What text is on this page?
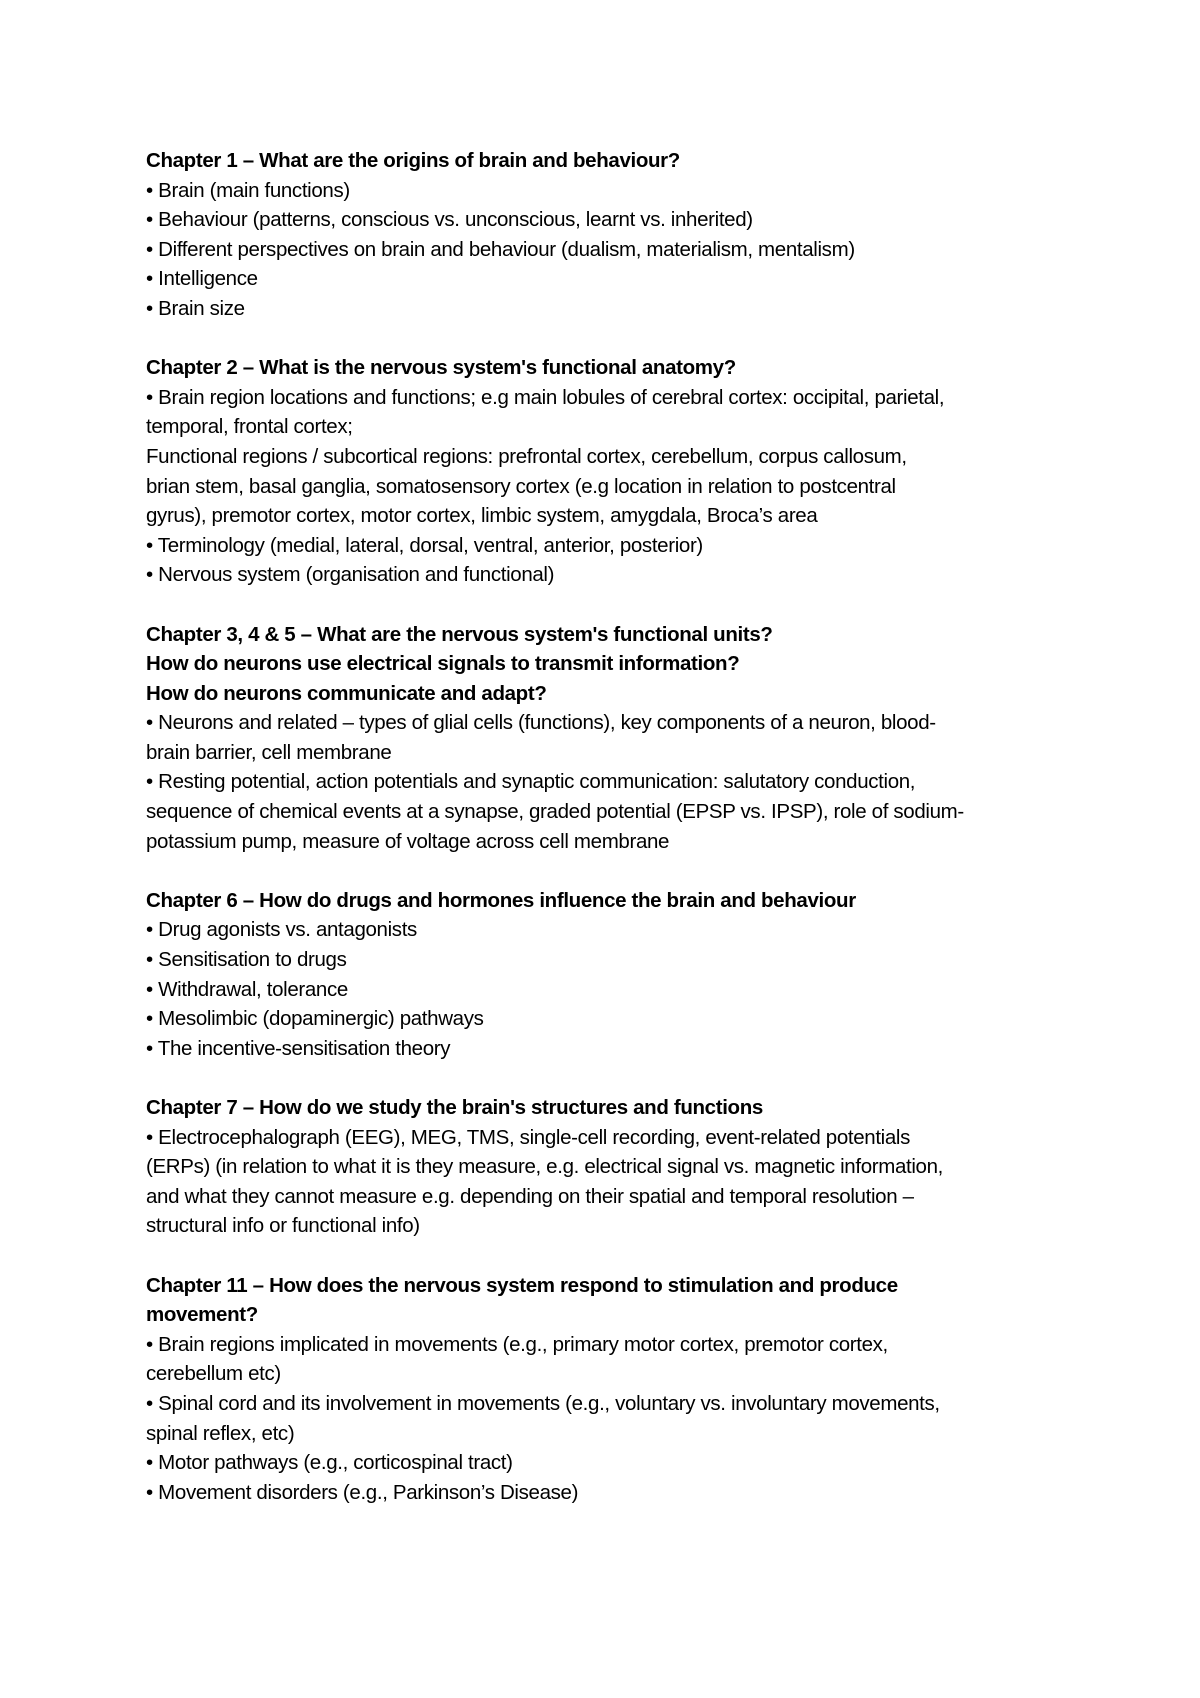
Chapter 1 – What are the origins of brain and behaviour?
• Brain (main functions)
• Behaviour (patterns, conscious vs. unconscious, learnt vs. inherited)
• Different perspectives on brain and behaviour (dualism, materialism, mentalism)
• Intelligence
• Brain size
Chapter 2 – What is the nervous system's functional anatomy?
• Brain region locations and functions; e.g main lobules of cerebral cortex: occipital, parietal,
temporal, frontal cortex;
Functional regions / subcortical regions: prefrontal cortex, cerebellum, corpus callosum,
brian stem, basal ganglia, somatosensory cortex (e.g location in relation to postcentral
gyrus), premotor cortex, motor cortex, limbic system, amygdala, Broca’s area
• Terminology (medial, lateral, dorsal, ventral, anterior, posterior)
• Nervous system (organisation and functional)
Chapter 3, 4 & 5 – What are the nervous system's functional units?
How do neurons use electrical signals to transmit information?
How do neurons communicate and adapt?
• Neurons and related – types of glial cells (functions), key components of a neuron, blood-
brain barrier, cell membrane
• Resting potential, action potentials and synaptic communication: salutatory conduction,
sequence of chemical events at a synapse, graded potential (EPSP vs. IPSP), role of sodium-
potassium pump, measure of voltage across cell membrane
Chapter 6 – How do drugs and hormones influence the brain and behaviour
• Drug agonists vs. antagonists
• Sensitisation to drugs
• Withdrawal, tolerance
• Mesolimbic (dopaminergic) pathways
• The incentive-sensitisation theory
Chapter 7 – How do we study the brain's structures and functions
• Electrocephalograph (EEG), MEG, TMS, single-cell recording, event-related potentials
(ERPs) (in relation to what it is they measure, e.g. electrical signal vs. magnetic information,
and what they cannot measure e.g. depending on their spatial and temporal resolution –
structural info or functional info)
Chapter 11 – How does the nervous system respond to stimulation and produce
movement?
• Brain regions implicated in movements (e.g., primary motor cortex, premotor cortex,
cerebellum etc)
• Spinal cord and its involvement in movements (e.g., voluntary vs. involuntary movements,
spinal reflex, etc)
• Motor pathways (e.g., corticospinal tract)
• Movement disorders (e.g., Parkinson’s Disease)
